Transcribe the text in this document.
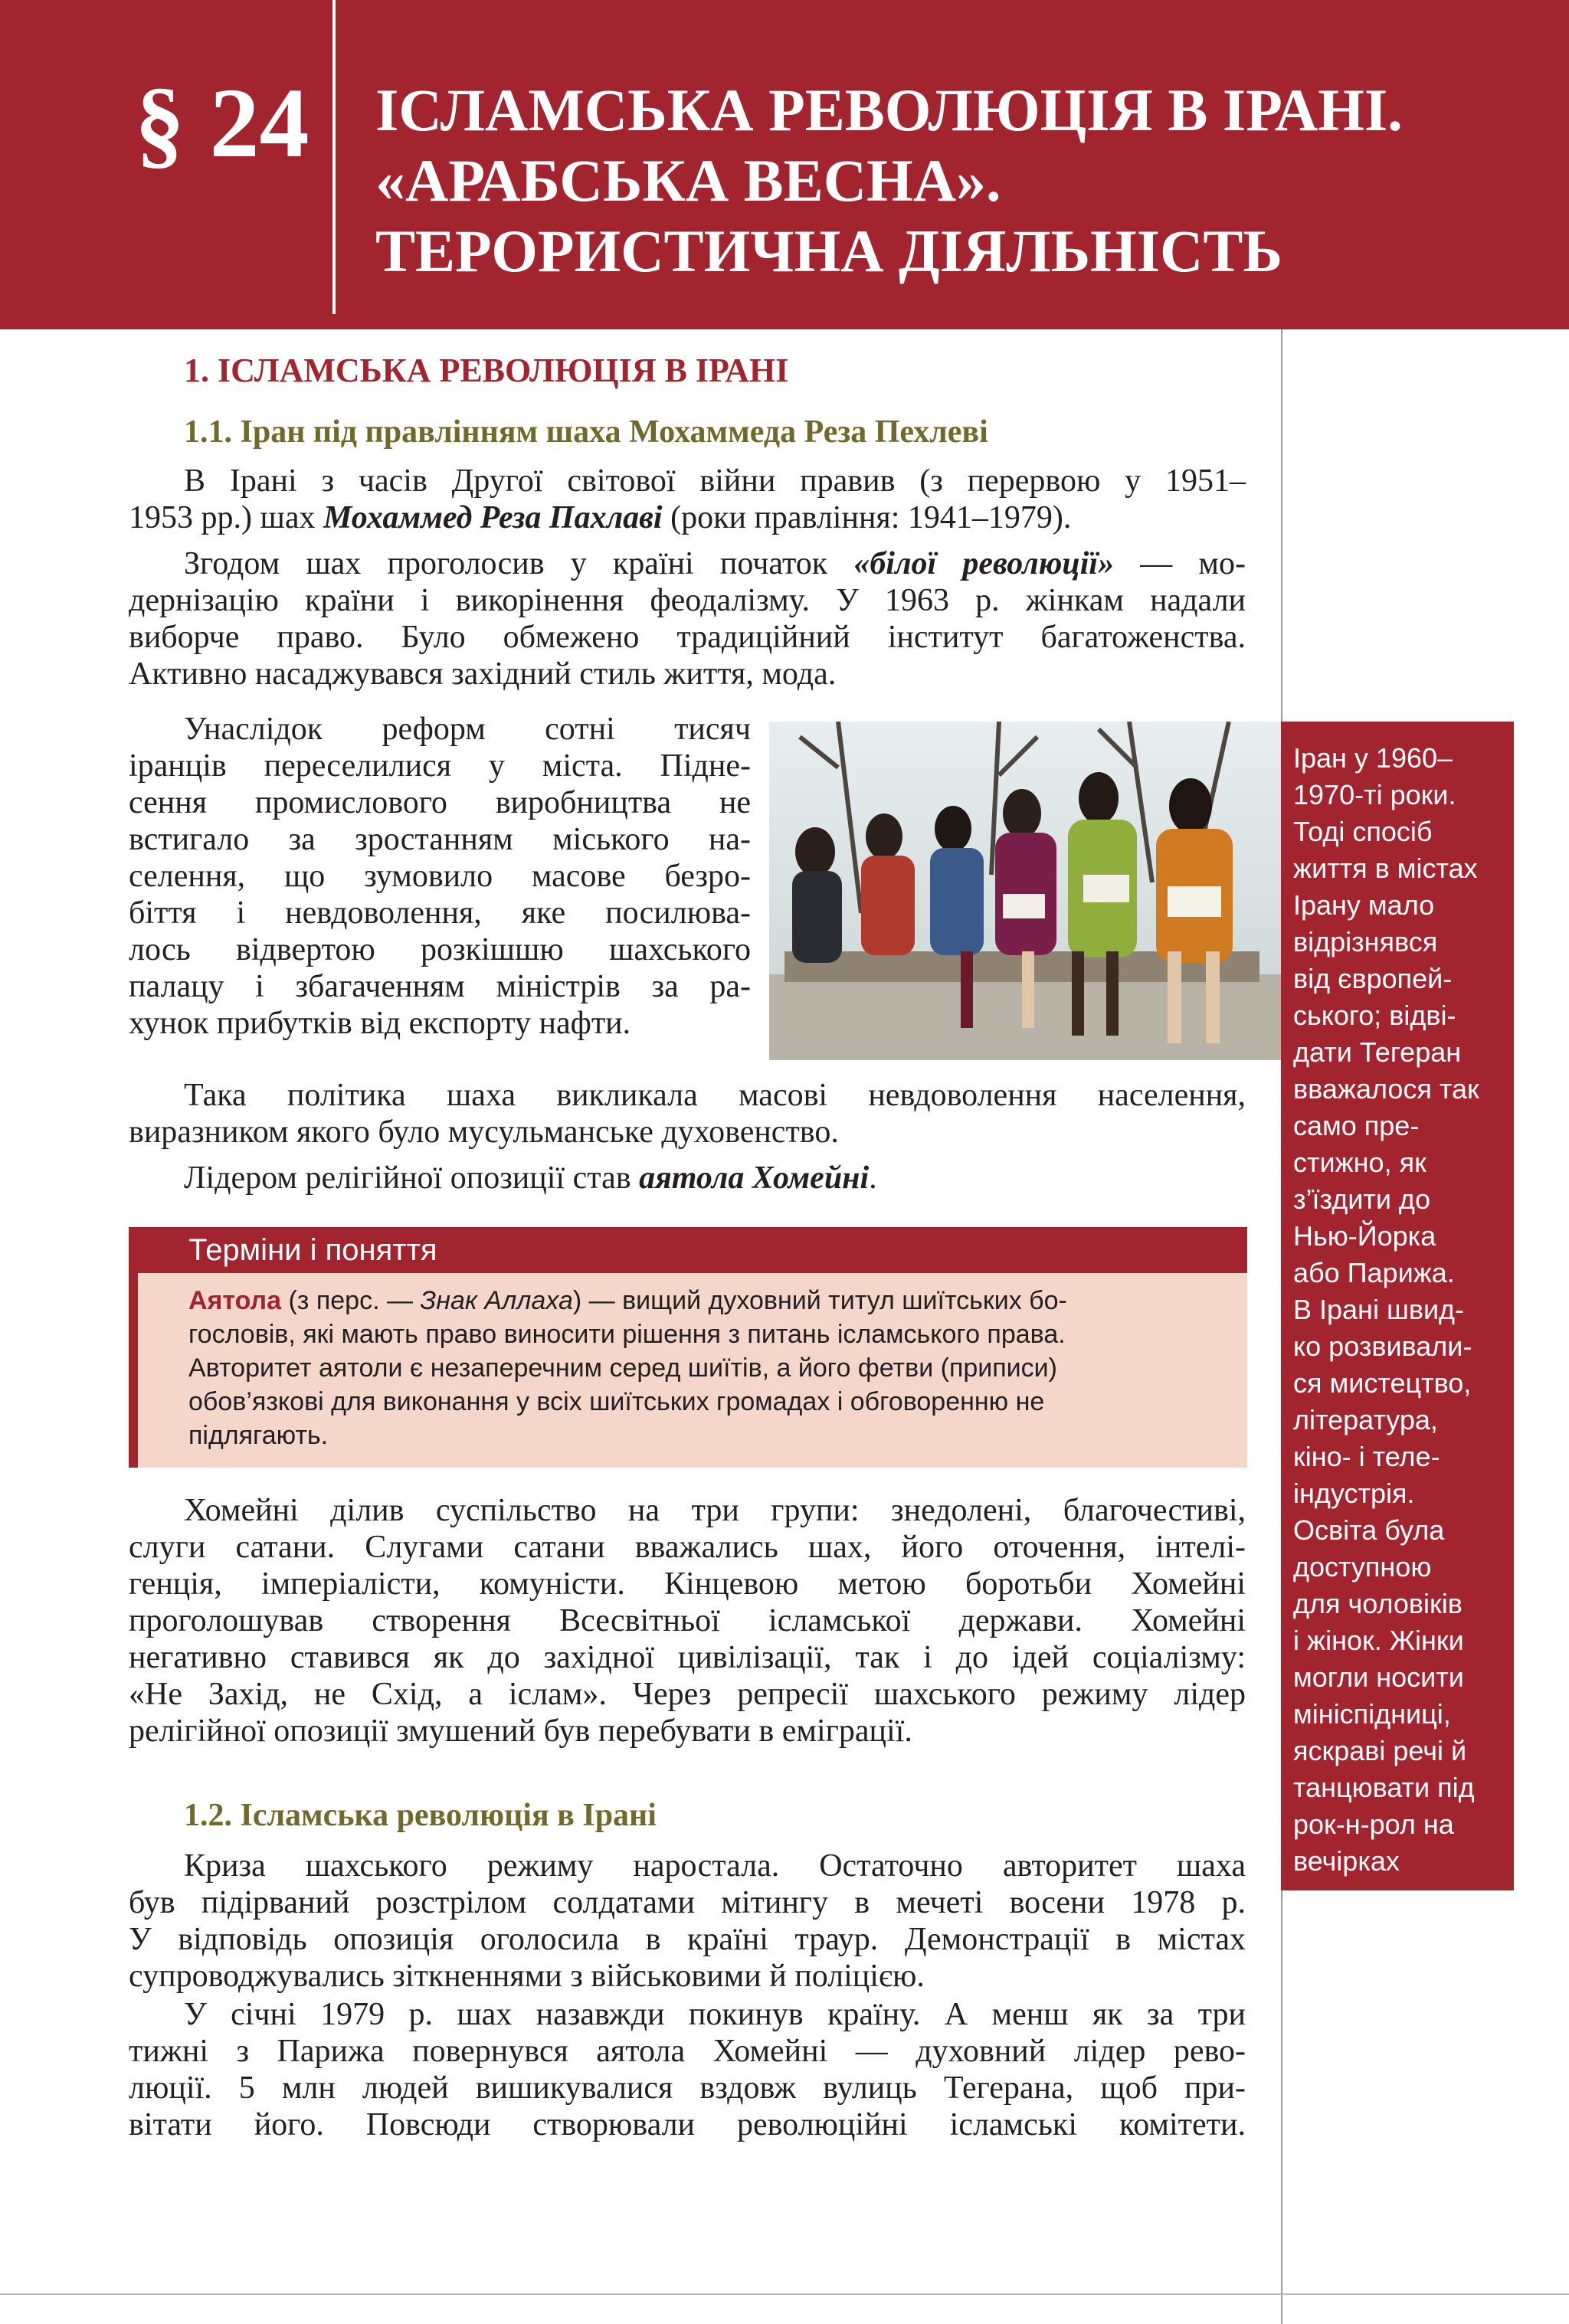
§ 24 ІСЛАМСЬКА РЕВОЛЮЦІЯ В ІРАНІ.
«АРАБСЬКА ВЕСНА».
ТЕРОРИСТИЧНА ДІЯЛЬНІСТЬ
1. ІСЛАМСЬКА РЕВОЛЮЦІЯ В ІРАНІ
1.1. Іран під правлінням шаха Мохаммеда Реза Пехлеві
В Ірані з часів Другої світової війни правив (з перервою у 1951–
1953 рр.) шах Мохаммед Реза Пахлаві (роки правління: 1941–1979).
Згодом шах проголосив у країні початок «білої революції» — мо-
дернізацію країни і викорінення феодалізму. У 1963 р. жінкам надали
виборче право. Було обмежено традиційний інститут багатоженства.
Активно насаджувався західний стиль життя, мода.
Унаслідок реформ сотні тисяч
іранців переселилися у міста. Підне-
сення промислового виробництва не
встигало за зростанням міського на-
селення, що зумовило масове безро-
біття і невдоволення, яке посилюва-
лось відвертою розкішшю шахського
палацу і збагаченням міністрів за ра-
хунок прибутків від експорту нафти.
Іран у 1960–
1970-ті роки.
Тоді спосіб
життя в містах
Ірану мало
відрізнявся
від європей-
ського; відві-
дати Тегеран
вважалося так
само пре-
стижно, як
з’їздити до
Нью-Йорка
або Парижа.
В Ірані швид-
ко розвивали-
ся мистецтво,
література,
кіно- і теле-
індустрія.
Освіта була
доступною
для чоловіків
і жінок. Жінки
могли носити
мініспідниці,
яскраві речі й
танцювати під
рок-н-рол на
вечірках
Така політика шаха викликала масові невдоволення населення,
виразником якого було мусульманське духовенство.
Лідером релігійної опозиції став аятола Хомейні.
Терміни і поняття
Аятола (з перс. — Знак Аллаха) — вищий духовний титул шиїтських бо-
гословів, які мають право виносити рішення з питань ісламського права.
Авторитет аятоли є незаперечним серед шиїтів, а його фетви (приписи)
обов’язкові для виконання у всіх шиїтських громадах і обговоренню не
підлягають.
Хомейні ділив суспільство на три групи: знедолені, благочестиві,
слуги сатани. Слугами сатани вважались шах, його оточення, інтелі-
генція, імперіалісти, комуністи. Кінцевою метою боротьби Хомейні
проголошував створення Всесвітньої ісламської держави. Хомейні
негативно ставився як до західної цивілізації, так і до ідей соціалізму:
«Не Захід, не Схід, а іслам». Через репресії шахського режиму лідер
релігійної опозиції змушений був перебувати в еміграції.
1.2. Ісламська революція в Ірані
Криза шахського режиму наростала. Остаточно авторитет шаха
був підірваний розстрілом солдатами мітингу в мечеті восени 1978 р.
У відповідь опозиція оголосила в країні траур. Демонстрації в містах
супроводжувались зіткненнями з військовими й поліцією.
У січні 1979 р. шах назавжди покинув країну. А менш як за три
тижні з Парижа повернувся аятола Хомейні — духовний лідер рево-
люції. 5 млн людей вишикувалися вздовж вулиць Тегерана, щоб при-
вітати його. Повсюди створювали революційні ісламські комітети.
